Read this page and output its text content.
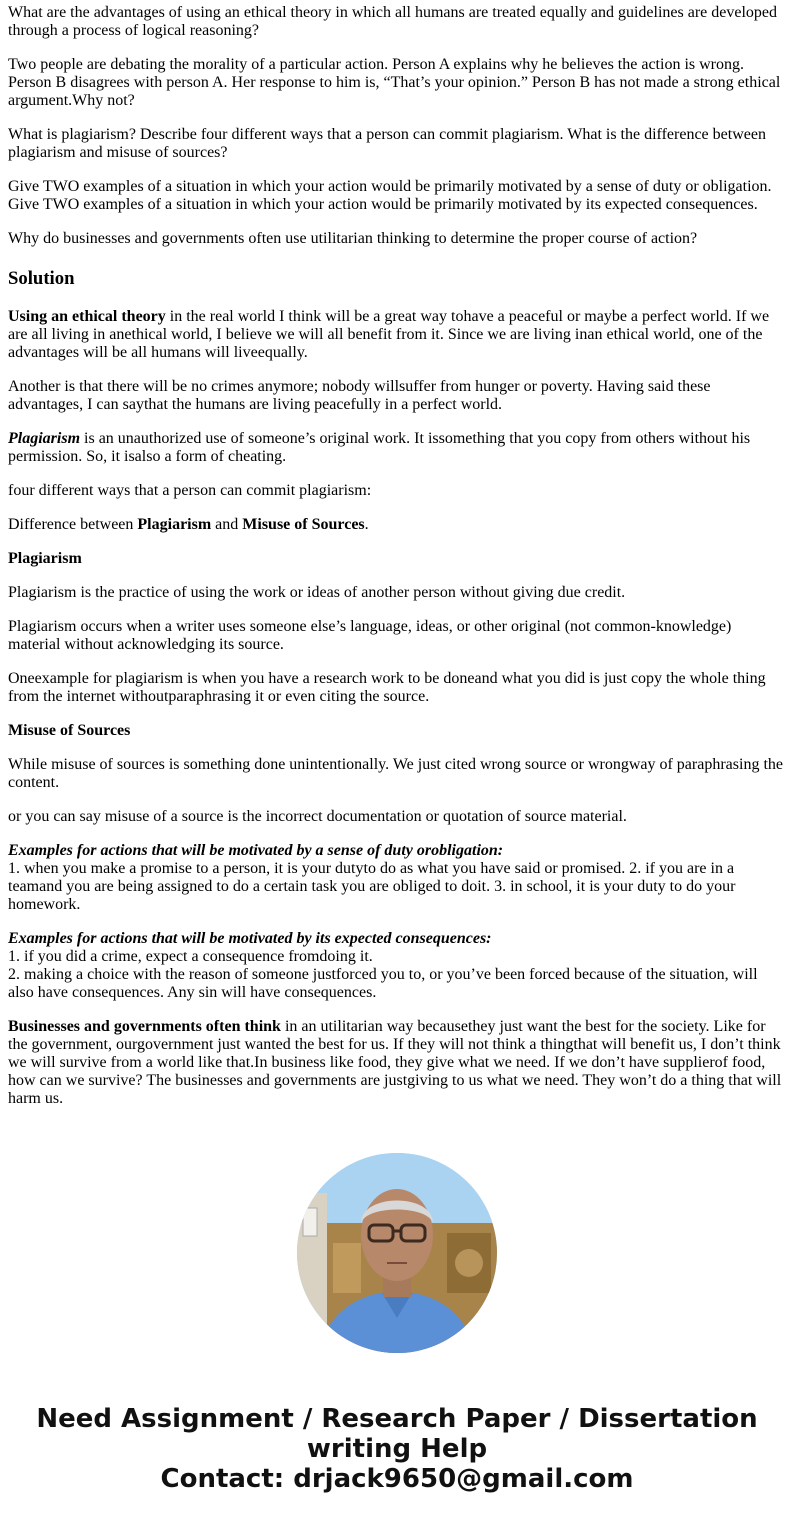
What are the advantages of using an ethical theory in which all humans are treated equally and guidelines are developed through a process of logical reasoning?

Two people are debating the morality of a particular action. Person A explains why he believes the action is wrong. Person B disagrees with person A. Her response to him is, “That’s your opinion.” Person B has not made a strong ethical argument.Why not?

What is plagiarism? Describe four different ways that a person can commit plagiarism. What is the difference between plagiarism and misuse of sources?

Give TWO examples of a situation in which your action would be primarily motivated by a sense of duty or obligation. Give TWO examples of a situation in which your action would be primarily motivated by its expected consequences.

Why do businesses and governments often use utilitarian thinking to determine the proper course of action?

Solution

Using an ethical theory in the real world I think will be a great way tohave a peaceful or maybe a perfect world. If we are all living in anethical world, I believe we will all benefit from it. Since we are living inan ethical world, one of the advantages will be all humans will liveequally.

Another is that there will be no crimes anymore; nobody willsuffer from hunger or poverty. Having said these advantages, I can saythat the humans are living peacefully in a perfect world.

Plagiarism is an unauthorized use of someone’s original work. It issomething that you copy from others without his permission. So, it isalso a form of cheating.

four different ways that a person can commit plagiarism:

Difference between Plagiarism and Misuse of Sources.

Plagiarism

Plagiarism is the practice of using the work or ideas of another person without giving due credit.

Plagiarism occurs when a writer uses someone else’s language, ideas, or other original (not common-knowledge) material without acknowledging its source.

Oneexample for plagiarism is when you have a research work to be doneand what you did is just copy the whole thing from the internet withoutparaphrasing it or even citing the source.

Misuse of Sources

While misuse of sources is something done unintentionally. We just cited wrong source or wrongway of paraphrasing the content.

or you can say misuse of a source is the incorrect documentation or quotation of source material.

Examples for actions that will be motivated by a sense of duty orobligation:
1. when you make a promise to a person, it is your dutyto do as what you have said or promised. 2. if you are in a teamand you are being assigned to do a certain task you are obliged to doit. 3. in school, it is your duty to do your homework.

Examples for actions that will be motivated by its expected consequences:
1. if you did a crime, expect a consequence fromdoing it.
2. making a choice with the reason of someone justforced you to, or you’ve been forced because of the situation, will also have consequences. Any sin will have consequences.

Businesses and governments often think in an utilitarian way becausethey just want the best for the society. Like for the government, ourgovernment just wanted the best for us. If they will not think a thingthat will benefit us, I don’t think we will survive from a world like that.In business like food, they give what we need. If we don’t have supplierof food, how can we survive? The businesses and governments are justgiving to us what we need. They won’t do a thing that will harm us.

Need Assignment / Research Paper / Dissertation
writing Help
Contact: drjack9650@gmail.com
